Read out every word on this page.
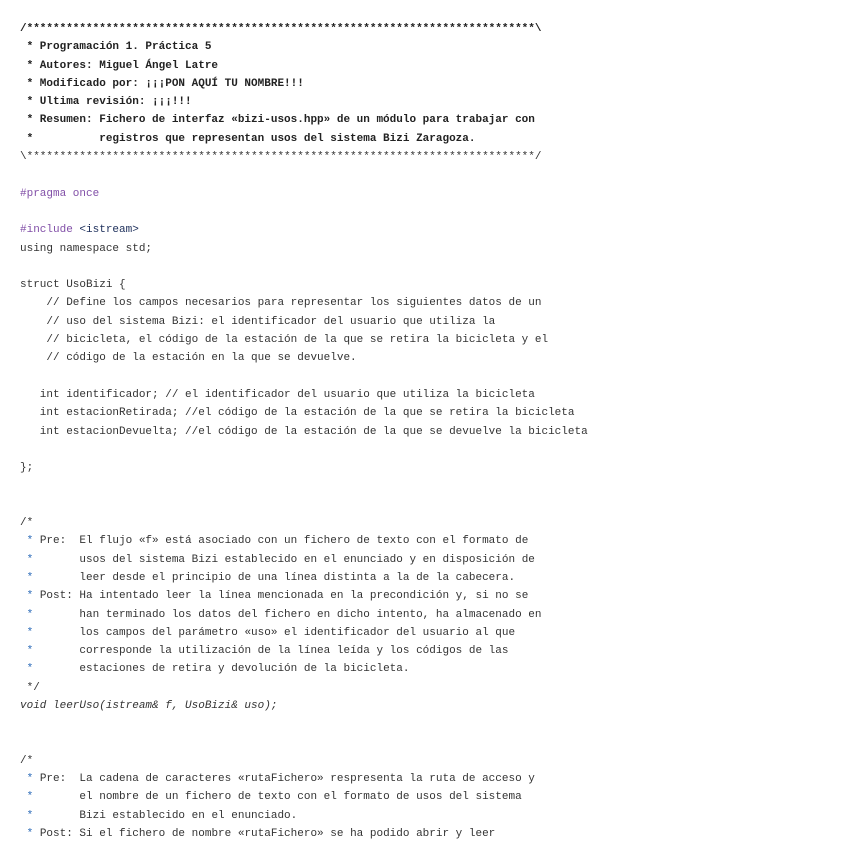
/*****************************************************************************\
* Programación 1. Práctica 5
* Autores: Miguel Ángel Latre
* Modificado por: ¡¡¡PON AQUÍ TU NOMBRE!!!
* Ultima revisión: ¡¡¡!!!
* Resumen: Fichero de interfaz «bizi-usos.hpp» de un módulo para trabajar con
*          registros que representan usos del sistema Bizi Zaragoza.
\*****************************************************************************/
#pragma once
#include <istream>
using namespace std;
struct UsoBizi {
// Define los campos necesarios para representar los siguientes datos de un
// uso del sistema Bizi: el identificador del usuario que utiliza la
// bicicleta, el código de la estación de la que se retira la bicicleta y el
// código de la estación en la que se devuelve.
int identificador; // el identificador del usuario que utiliza la bicicleta
int estacionRetirada; //el código de la estación de la que se retira la bicicleta
int estacionDevuelta; //el código de la estación de la que se devuelve la bicicleta
};
/*
* Pre:  El flujo «f» está asociado con un fichero de texto con el formato de
*       usos del sistema Bizi establecido en el enunciado y en disposición de
*       leer desde el principio de una línea distinta a la de la cabecera.
* Post: Ha intentado leer la línea mencionada en la precondición y, si no se
*       han terminado los datos del fichero en dicho intento, ha almacenado en
*       los campos del parámetro «uso» el identificador del usuario al que
*       corresponde la utilización de la línea leída y los códigos de las
*       estaciones de retira y devolución de la bicicleta.
*/
void leerUso(istream& f, UsoBizi& uso);
/*
* Pre:  La cadena de caracteres «rutaFichero» respresenta la ruta de acceso y
*       el nombre de un fichero de texto con el formato de usos del sistema
*       Bizi establecido en el enunciado.
* Post: Si el fichero de nombre «rutaFichero» se ha podido abrir y leer
